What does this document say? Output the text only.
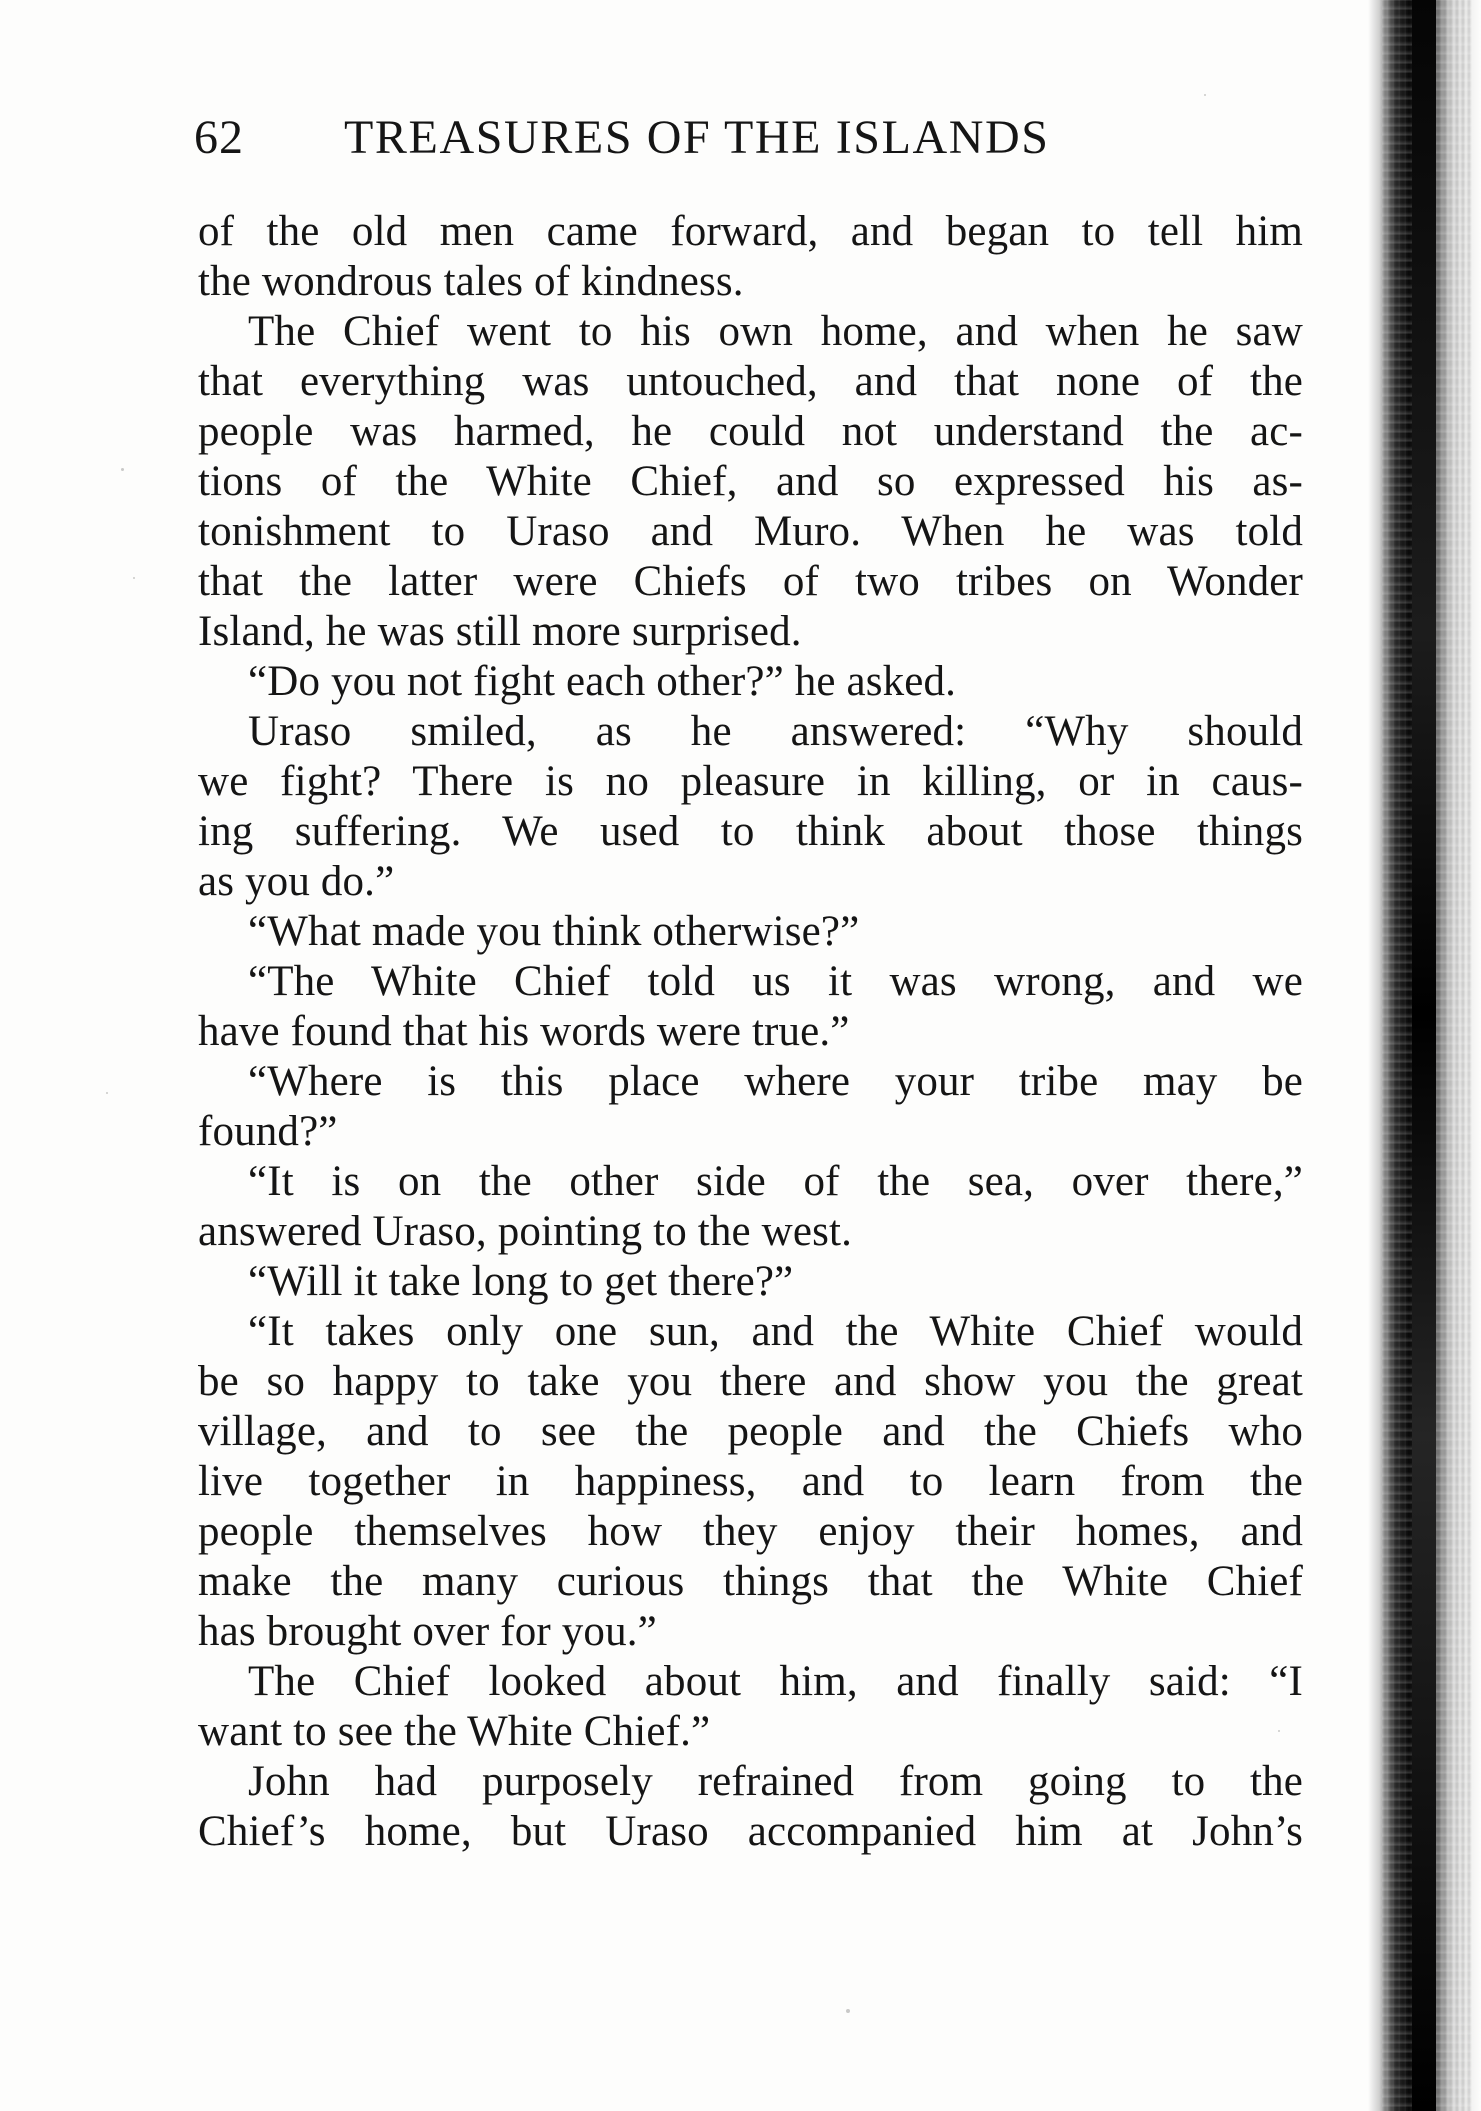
62 TREASURES OF THE ISLANDS
of the old men came forward, and began to tell him
the wondrous tales of kindness.
The Chief went to his own home, and when he saw
that everything was untouched, and that none of the
people was harmed, he could not understand the ac-
tions of the White Chief, and so expressed his as-
tonishment to Uraso and Muro. When he was told
that the latter were Chiefs of two tribes on Wonder
Island, he was still more surprised.
“Do you not fight each other?” he asked.
Uraso smiled, as he answered: “Why should
we fight? There is no pleasure in killing, or in caus-
ing suffering. We used to think about those things
as you do.”
“What made you think otherwise?”
“The White Chief told us it was wrong, and we
have found that his words were true.”
“Where is this place where your tribe may be
found?”
“It is on the other side of the sea, over there,”
answered Uraso, pointing to the west.
“Will it take long to get there?”
“It takes only one sun, and the White Chief would
be so happy to take you there and show you the great
village, and to see the people and the Chiefs who
live together in happiness, and to learn from the
people themselves how they enjoy their homes, and
make the many curious things that the White Chief
has brought over for you.”
The Chief looked about him, and finally said: “I
want to see the White Chief.”
John had purposely refrained from going to the
Chief’s home, but Uraso accompanied him at John’s
